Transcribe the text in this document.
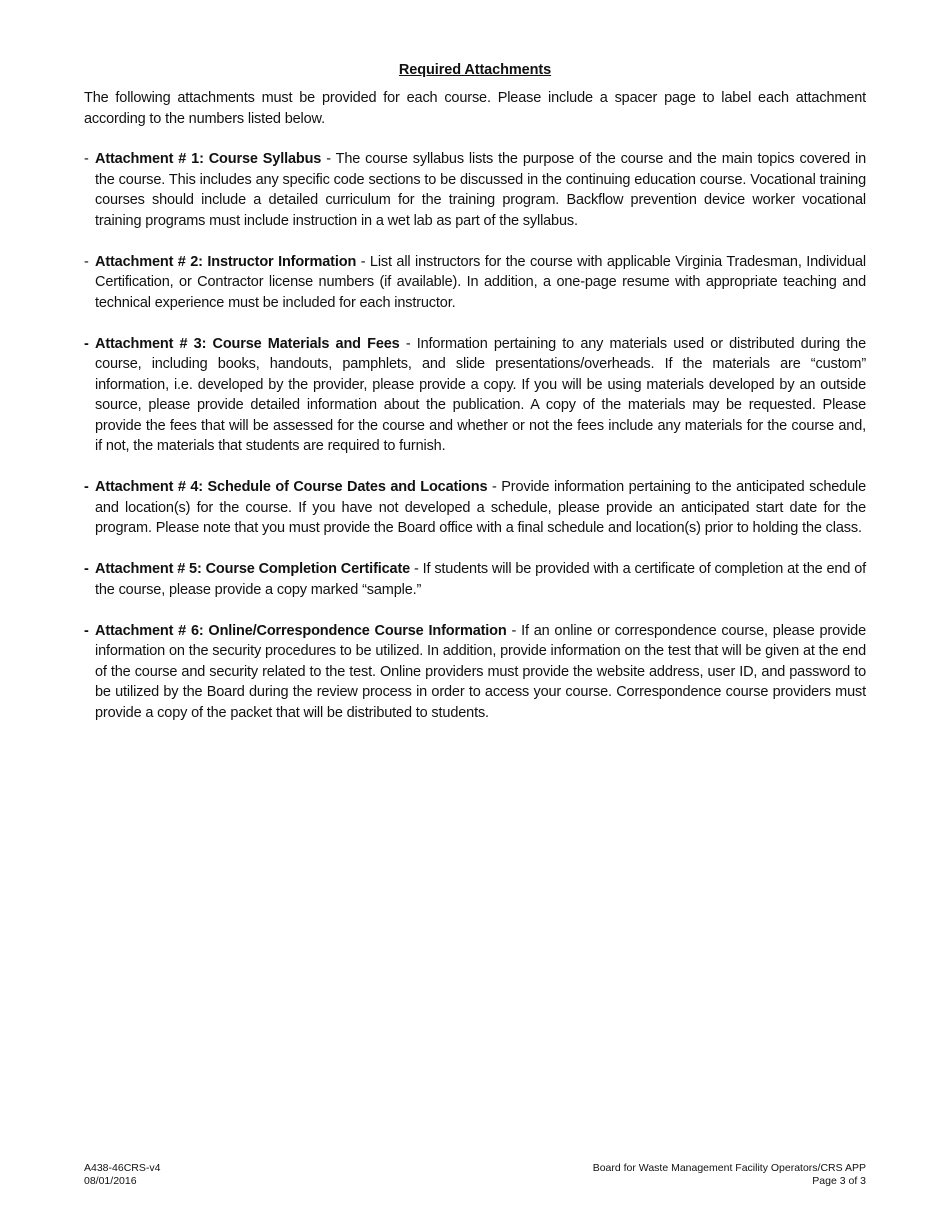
Required Attachments

The following attachments must be provided for each course. Please include a spacer page to label each attachment according to the numbers listed below.

- Attachment # 1: Course Syllabus - The course syllabus lists the purpose of the course and the main topics covered in the course. This includes any specific code sections to be discussed in the continuing education course. Vocational training courses should include a detailed curriculum for the training program. Backflow prevention device worker vocational training programs must include instruction in a wet lab as part of the syllabus.
- Attachment # 2: Instructor Information - List all instructors for the course with applicable Virginia Tradesman, Individual Certification, or Contractor license numbers (if available). In addition, a one-page resume with appropriate teaching and technical experience must be included for each instructor.
- Attachment # 3: Course Materials and Fees - Information pertaining to any materials used or distributed during the course, including books, handouts, pamphlets, and slide presentations/overheads. If the materials are “custom” information, i.e. developed by the provider, please provide a copy. If you will be using materials developed by an outside source, please provide detailed information about the publication. A copy of the materials may be requested. Please provide the fees that will be assessed for the course and whether or not the fees include any materials for the course and, if not, the materials that students are required to furnish.
- Attachment # 4: Schedule of Course Dates and Locations - Provide information pertaining to the anticipated schedule and location(s) for the course. If you have not developed a schedule, please provide an anticipated start date for the program. Please note that you must provide the Board office with a final schedule and location(s) prior to holding the class.
- Attachment # 5: Course Completion Certificate - If students will be provided with a certificate of completion at the end of the course, please provide a copy marked “sample.”
- Attachment # 6: Online/Correspondence Course Information - If an online or correspondence course, please provide information on the security procedures to be utilized. In addition, provide information on the test that will be given at the end of the course and security related to the test. Online providers must provide the website address, user ID, and password to be utilized by the Board during the review process in order to access your course. Correspondence course providers must provide a copy of the packet that will be distributed to students.
A438-46CRS-v4
08/01/2016
Board for Waste Management Facility Operators/CRS APP
Page 3 of 3
